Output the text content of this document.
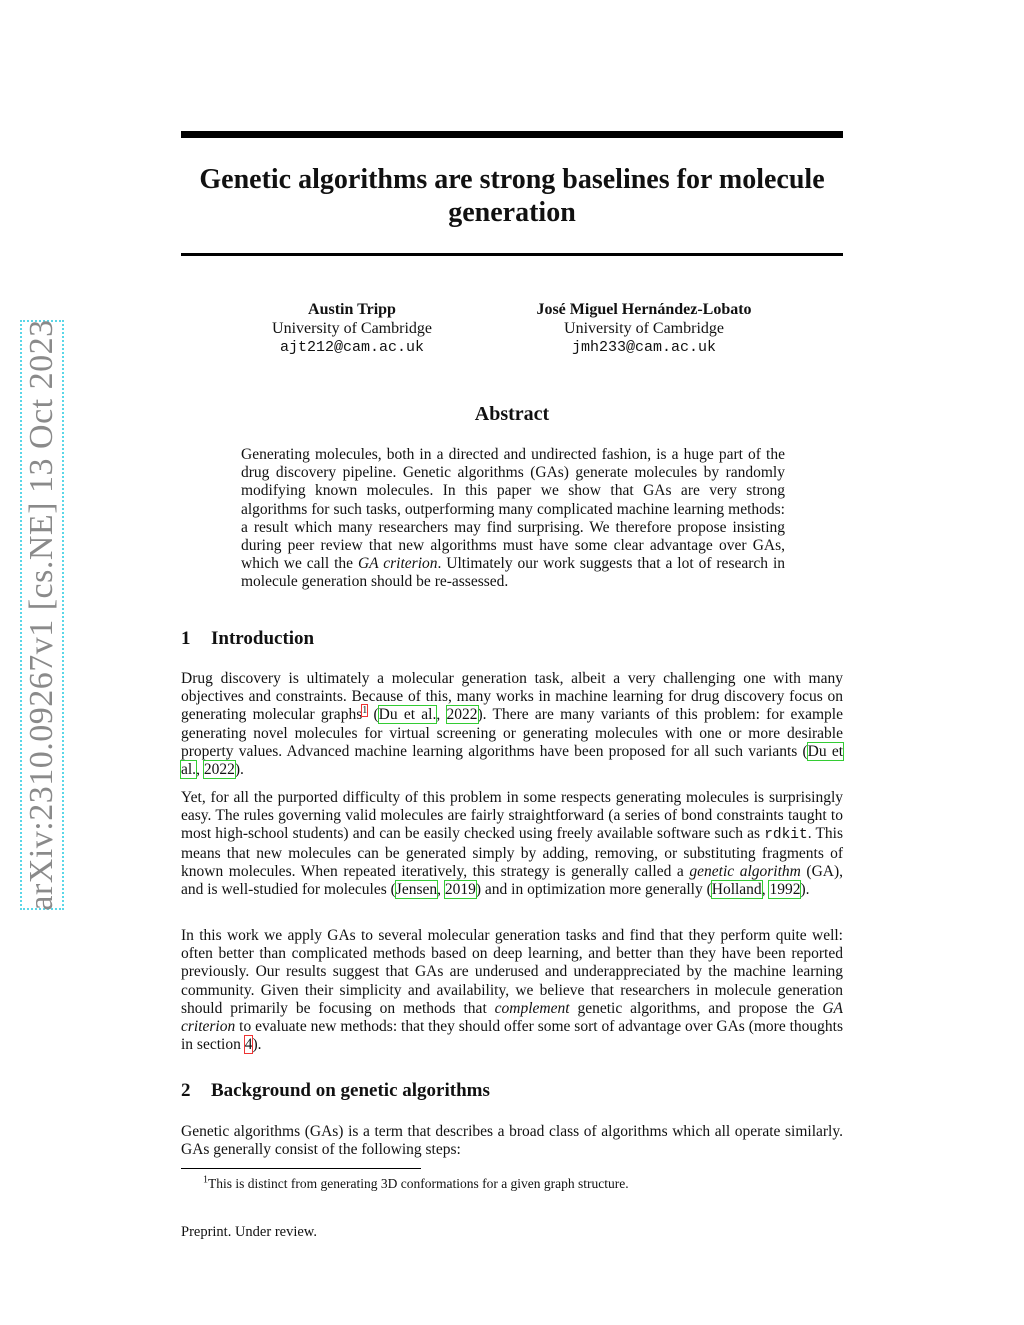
arXiv:2310.09267v1 [cs.NE] 13 Oct 2023
Genetic algorithms are strong baselines for molecule generation
Austin Tripp
University of Cambridge
ajt212@cam.ac.uk
José Miguel Hernández-Lobato
University of Cambridge
jmh233@cam.ac.uk
Abstract

Generating molecules, both in a directed and undirected fashion, is a huge part of the drug discovery pipeline. Genetic algorithms (GAs) generate molecules by randomly modifying known molecules. In this paper we show that GAs are very strong algorithms for such tasks, outperforming many complicated machine learning methods: a result which many researchers may find surprising. We therefore propose insisting during peer review that new algorithms must have some clear advantage over GAs, which we call the GA criterion. Ultimately our work suggests that a lot of research in molecule generation should be re-assessed.

1 Introduction

Drug discovery is ultimately a molecular generation task, albeit a very challenging one with many objectives and constraints. Because of this, many works in machine learning for drug discovery focus on generating molecular graphs$^1$ (Du et al., 2022). There are many variants of this problem: for example generating novel molecules for virtual screening or generating molecules with one or more desirable property values. Advanced machine learning algorithms have been proposed for all such variants (Du et al., 2022).

Yet, for all the purported difficulty of this problem in some respects generating molecules is surprisingly easy. The rules governing valid molecules are fairly straightforward (a series of bond constraints taught to most high-school students) and can be easily checked using freely available software such as rdkit. This means that new molecules can be generated simply by adding, removing, or substituting fragments of known molecules. When repeated iteratively, this strategy is generally called a genetic algorithm (GA), and is well-studied for molecules (Jensen, 2019) and in optimization more generally (Holland, 1992).

In this work we apply GAs to several molecular generation tasks and find that they perform quite well: often better than complicated methods based on deep learning, and better than they have been reported previously. Our results suggest that GAs are underused and underappreciated by the machine learning community. Given their simplicity and availability, we believe that researchers in molecule generation should primarily be focusing on methods that complement genetic algorithms, and propose the GA criterion to evaluate new methods: that they should offer some sort of advantage over GAs (more thoughts in section 4).

2 Background on genetic algorithms

Genetic algorithms (GAs) is a term that describes a broad class of algorithms which all operate similarly. GAs generally consist of the following steps:

$^1$This is distinct from generating 3D conformations for a given graph structure.

Preprint. Under review.
